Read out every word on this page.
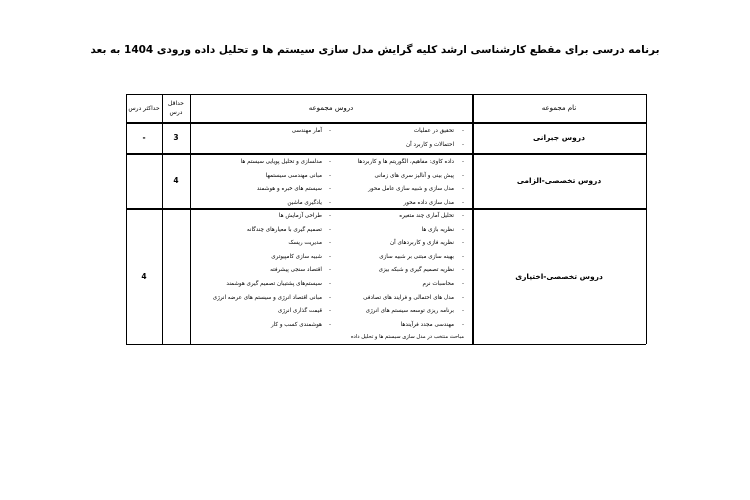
برنامه درسی برای مقطع کارشناسی ارشد کلیه گرایش مدل سازی سیستم ها و تحلیل داده ورودی 1404 به بعد
حداکثر درس
حداقل درس
دروس مجموعه	نام مجموعه
دروس جبرانی
3
-
دروس تخصصی-الزامی
4
دروس تخصصی-اختیاری
4
تحقیق در عملیات -
احتمالات و کاربرد آن -
آمار مهندسی -
داده کاوی: مفاهیم، الگوریتم ها و کاربردها -
پیش بینی و آنالیز سری های زمانی -
مدل سازی و شبیه سازی عامل محور -
مدل سازی داده محور -
مدلسازی و تحلیل پویایی سیستم ها -
مبانی مهندسی سیستمها -
سیستم های خبره و هوشمند -
یادگیری ماشین -
تحلیل آماری چند متغیره -
نظریه بازی ها -
نظریه فازی و کاربردهای آن -
بهینه سازی مبتنی بر شبیه سازی -
نظریه تصمیم گیری و شبکه بیزی -
محاسبات نرم -
مدل های احتمالی و فرایند های تصادفی -
برنامه ریزی توسعه سیستم های انرژی -
مهندسی مجدد فرآیندها -
طراحی آزمایش ها -
تصمیم گیری با معیارهای چندگانه -
مدیریت ریسک -
شبیه سازی کامپیوتری -
اقتصاد سنجی پیشرفته -
سیستم‌های پشتیبان تصمیم گیری هوشمند -
مبانی اقتصاد انرژی و سیستم های عرضه انرژی -
قیمت گذاری انرژی -
هوشمندی کسب و کار -
مباحث منتخب در مدل سازی سیستم ها و تحلیل داده
